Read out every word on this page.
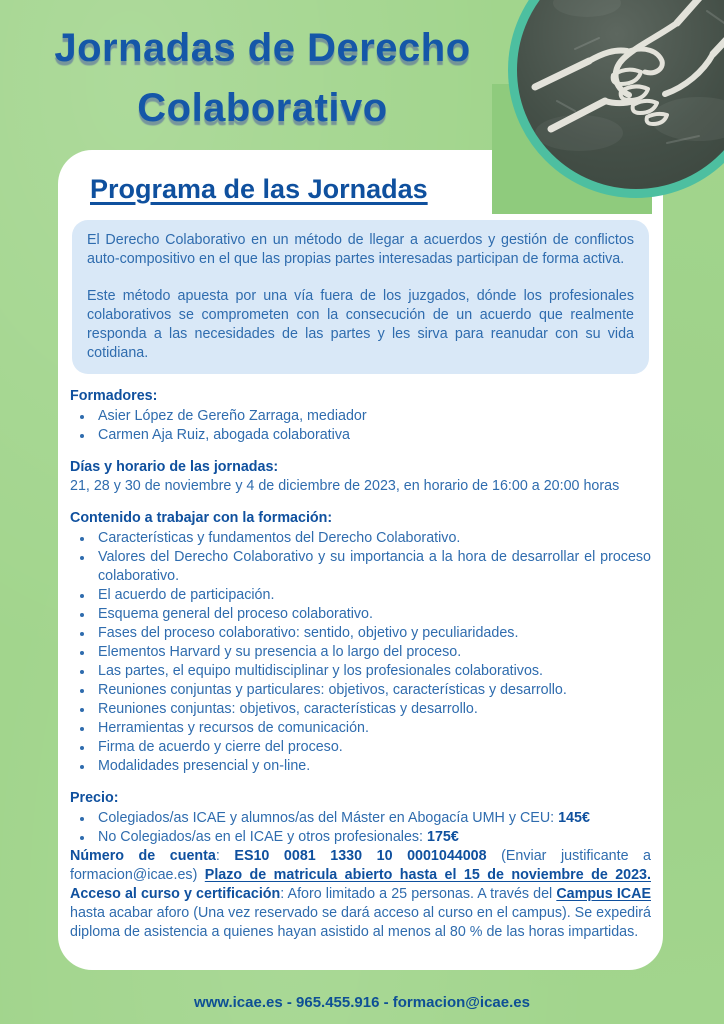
Jornadas de Derecho
Colaborativo
Programa de las Jornadas

El Derecho Colaborativo en un método de llegar a acuerdos y gestión de conflictos auto-compositivo en el que las propias partes interesadas participan de forma activa.

Este método apuesta por una vía fuera de los juzgados, dónde los profesionales colaborativos se comprometen con la consecución de un acuerdo que realmente responda a las necesidades de las partes y les sirva para reanudar con su vida cotidiana.

Formadores:
• Asier López de Gereño Zarraga, mediador
• Carmen Aja Ruiz, abogada colaborativa
Días y horario de las jornadas:

21, 28 y 30 de noviembre y 4 de diciembre de 2023, en horario de 16:00 a 20:00 horas

Contenido a trabajar con la formación:
• Características y fundamentos del Derecho Colaborativo.
• Valores del Derecho Colaborativo y su importancia a la hora de desarrollar el proceso colaborativo.
• El acuerdo de participación.
• Esquema general del proceso colaborativo.
• Fases del proceso colaborativo: sentido, objetivo y peculiaridades.
• Elementos Harvard y su presencia a lo largo del proceso.
• Las partes, el equipo multidisciplinar y los profesionales colaborativos.
• Reuniones conjuntas y particulares: objetivos, características y desarrollo.
• Reuniones conjuntas: objetivos, características y desarrollo.
• Herramientas y recursos de comunicación.
• Firma de acuerdo y cierre del proceso.
• Modalidades presencial y on-line.
Precio:
• Colegiados/as ICAE y alumnos/as del Máster en Abogacía UMH y CEU: 145€
• No Colegiados/as en el ICAE y otros profesionales: 175€

Número de cuenta: ES10 0081 1330 10 0001044008 (Enviar justificante a formacion@icae.es) Plazo de matricula abierto hasta el 15 de noviembre de 2023. Acceso al curso y certificación: Aforo limitado a 25 personas. A través del Campus ICAE hasta acabar aforo (Una vez reservado se dará acceso al curso en el campus). Se expedirá diploma de asistencia a quienes hayan asistido al menos al 80 % de las horas impartidas.

www.icae.es - 965.455.916 - formacion@icae.es
